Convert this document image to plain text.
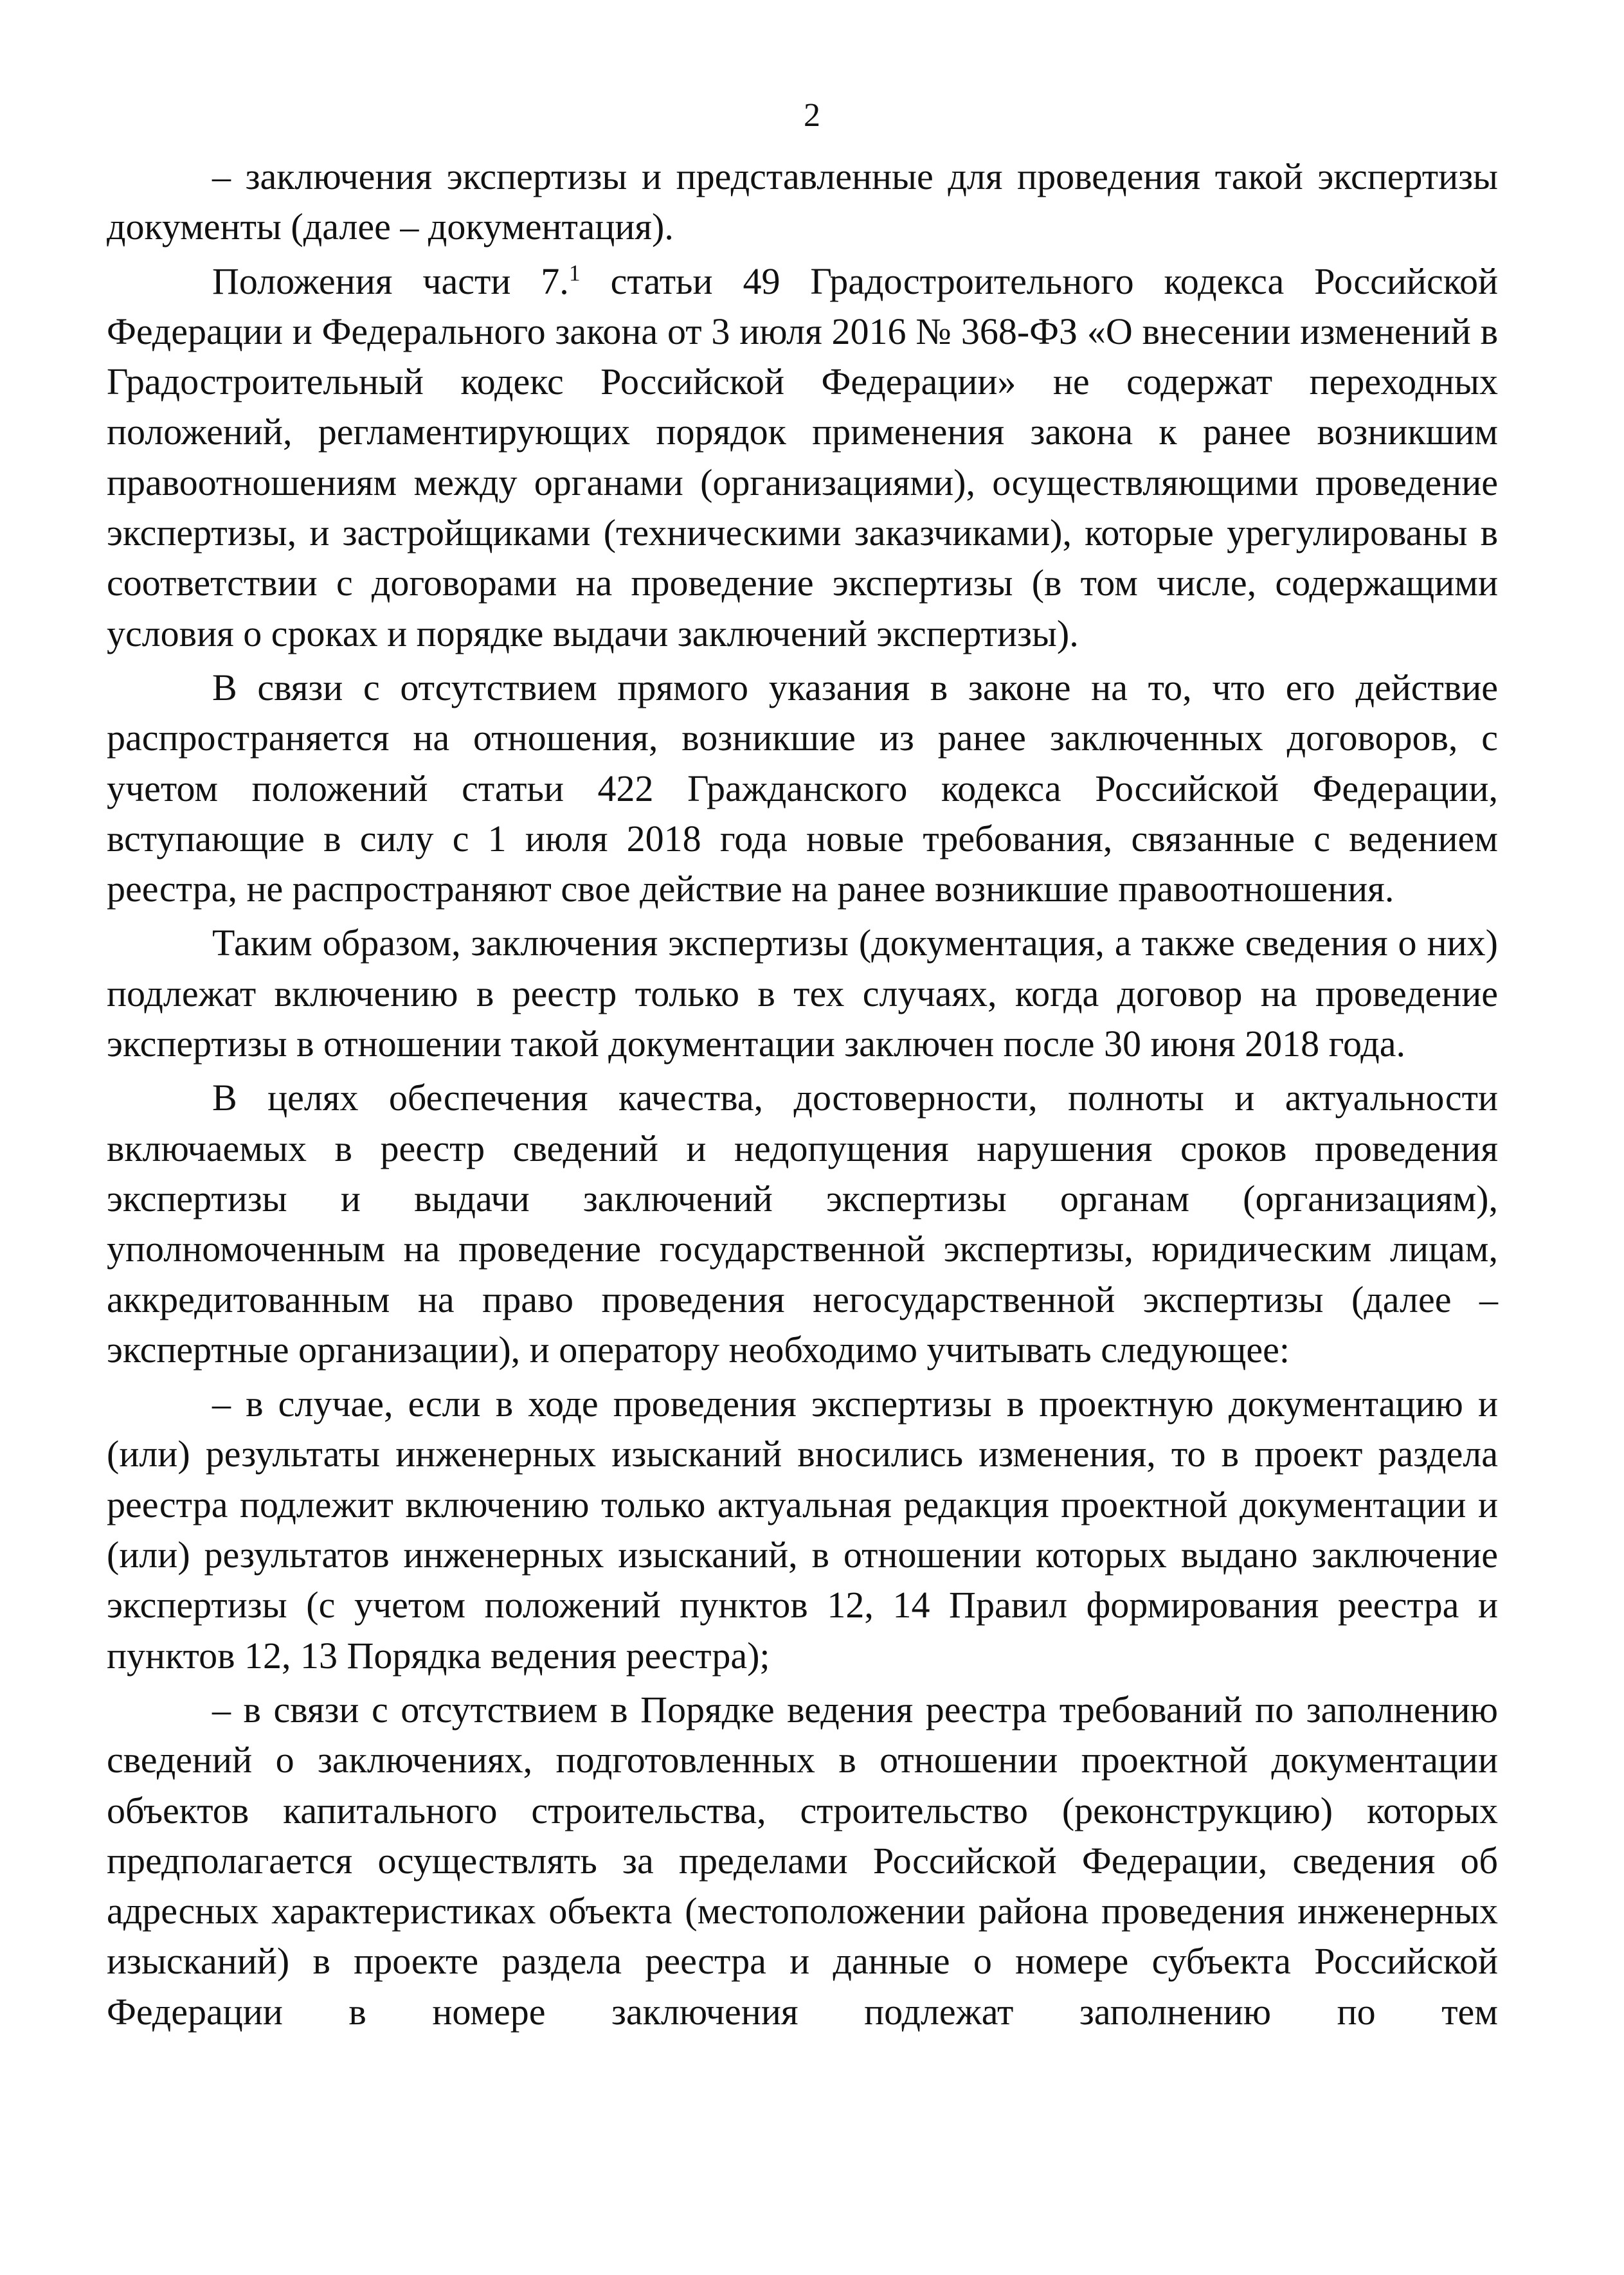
2

– заключения экспертизы и представленные для проведения такой экспертизы документы (далее – документация).

Положения части 7.$^1$ статьи 49 Градостроительного кодекса Российской Федерации и Федерального закона от 3 июля 2016 № 368-ФЗ «О внесении изменений в Градостроительный кодекс Российской Федерации» не содержат переходных положений, регламентирующих порядок применения закона к ранее возникшим правоотношениям между органами (организациями), осуществляющими проведение экспертизы, и застройщиками (техническими заказчиками), которые урегулированы в соответствии с договорами на проведение экспертизы (в том числе, содержащими условия о сроках и порядке выдачи заключений экспертизы).

В связи с отсутствием прямого указания в законе на то, что его действие распространяется на отношения, возникшие из ранее заключенных договоров, с учетом положений статьи 422 Гражданского кодекса Российской Федерации, вступающие в силу с 1 июля 2018 года новые требования, связанные с ведением реестра, не распространяют свое действие на ранее возникшие правоотношения.

Таким образом, заключения экспертизы (документация, а также сведения о них) подлежат включению в реестр только в тех случаях, когда договор на проведение экспертизы в отношении такой документации заключен после 30 июня 2018 года.

В целях обеспечения качества, достоверности, полноты и актуальности включаемых в реестр сведений и недопущения нарушения сроков проведения экспертизы и выдачи заключений экспертизы органам (организациям), уполномоченным на проведение государственной экспертизы, юридическим лицам, аккредитованным на право проведения негосударственной экспертизы (далее – экспертные организации), и оператору необходимо учитывать следующее:

– в случае, если в ходе проведения экспертизы в проектную документацию и (или) результаты инженерных изысканий вносились изменения, то в проект раздела реестра подлежит включению только актуальная редакция проектной документации и (или) результатов инженерных изысканий, в отношении которых выдано заключение экспертизы (с учетом положений пунктов 12, 14 Правил формирования реестра и пунктов 12, 13 Порядка ведения реестра);

– в связи с отсутствием в Порядке ведения реестра требований по заполнению сведений о заключениях, подготовленных в отношении проектной документации объектов капитального строительства, строительство (реконструкцию) которых предполагается осуществлять за пределами Российской Федерации, сведения об адресных характеристиках объекта (местоположении района проведения инженерных изысканий) в проекте раздела реестра и данные о номере субъекта Российской Федерации в номере заключения подлежат заполнению по тем
